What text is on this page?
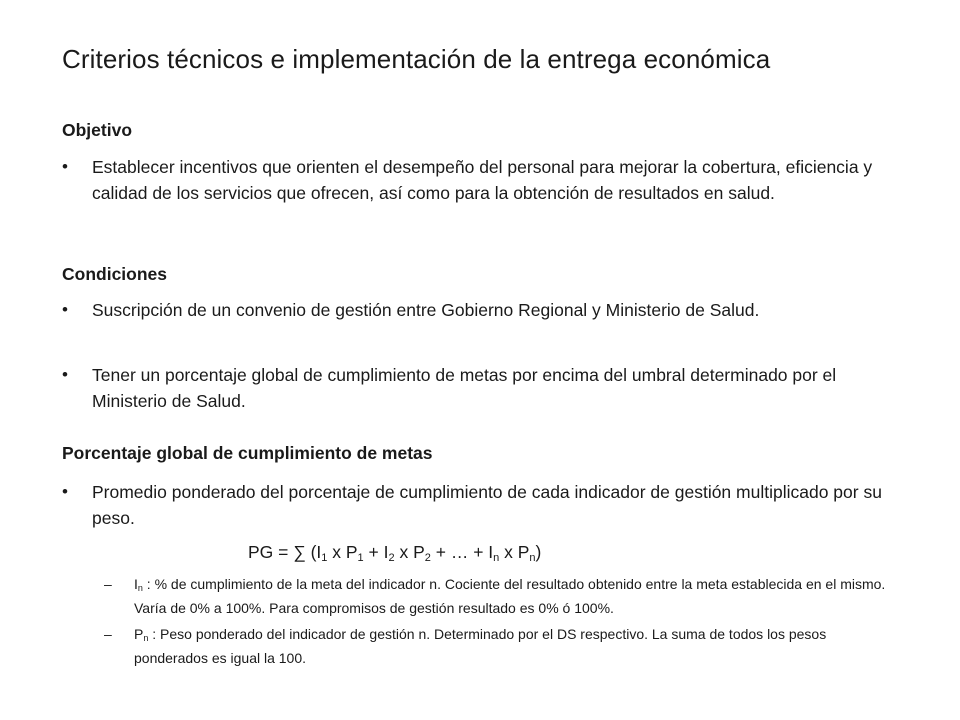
Criterios técnicos e implementación de la entrega económica
Objetivo
•	Establecer incentivos que orienten el desempeño del personal para mejorar la cobertura, eficiencia y calidad de los servicios que ofrecen, así como para la obtención de resultados en salud.
Condiciones
•	Suscripción de un convenio de gestión entre Gobierno Regional y Ministerio de Salud.
•	Tener un porcentaje global de cumplimiento de metas por encima del umbral determinado por el Ministerio de Salud.
Porcentaje global de cumplimiento de metas
•	Promedio ponderado del porcentaje de cumplimiento de cada indicador de gestión multiplicado por su peso.
PG = ∑ ($I_1$ x $P_1 + I_2$ x $P_2$ + … + $I_n$ x $P_n$)
–	$I_n$ : % de cumplimiento de la meta del indicador n. Cociente del resultado obtenido entre la meta establecida en el mismo. Varía de 0% a 100%. Para compromisos de gestión resultado es 0% ó 100%.
–	$P_n$ : Peso ponderado del indicador de gestión n. Determinado por el DS respectivo. La suma de todos los pesos ponderados es igual la 100.
